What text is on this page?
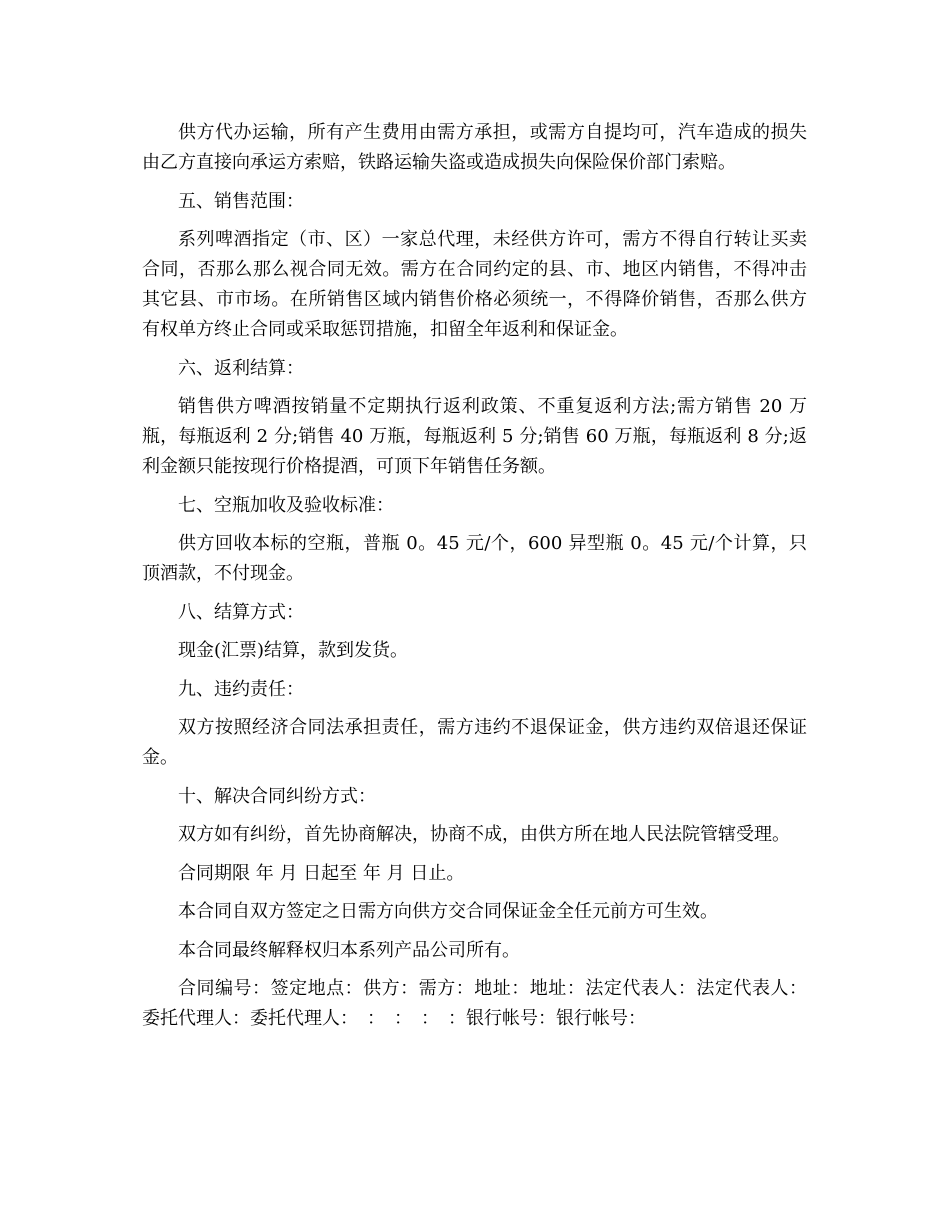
供方代办运输，所有产生费用由需方承担，或需方自提均可，汽车造成的损失由乙方直接向承运方索赔，铁路运输失盗或造成损失向保险保价部门索赔。

五、销售范围：

系列啤酒指定（市、区）一家总代理，未经供方许可，需方不得自行转让买卖合同，否那么那么视合同无效。需方在合同约定的县、市、地区内销售，不得冲击其它县、市市场。在所销售区域内销售价格必须统一，不得降价销售，否那么供方有权单方终止合同或采取惩罚措施，扣留全年返利和保证金。

六、返利结算：

销售供方啤酒按销量不定期执行返利政策、不重复返利方法;需方销售 20 万瓶，每瓶返利 2 分;销售 40 万瓶，每瓶返利 5 分;销售 60 万瓶，每瓶返利 8 分;返利金额只能按现行价格提酒，可顶下年销售任务额。

七、空瓶加收及验收标准：

供方回收本标的空瓶，普瓶 0。45 元/个，600 异型瓶 0。45 元/个计算，只顶酒款，不付现金。

八、结算方式：

现金(汇票)结算，款到发货。

九、违约责任：

双方按照经济合同法承担责任，需方违约不退保证金，供方违约双倍退还保证金。

十、解决合同纠纷方式：

双方如有纠纷，首先协商解决，协商不成，由供方所在地人民法院管辖受理。

合同期限 年 月 日起至 年 月 日止。

本合同自双方签定之日需方向供方交合同保证金全任元前方可生效。

本合同最终解释权归本系列产品公司所有。

合同编号：签定地点：供方：需方：地址：地址：法定代表人：法定代表人：委托代理人：委托代理人：　：　：　：　：银行帐号：银行帐号：
